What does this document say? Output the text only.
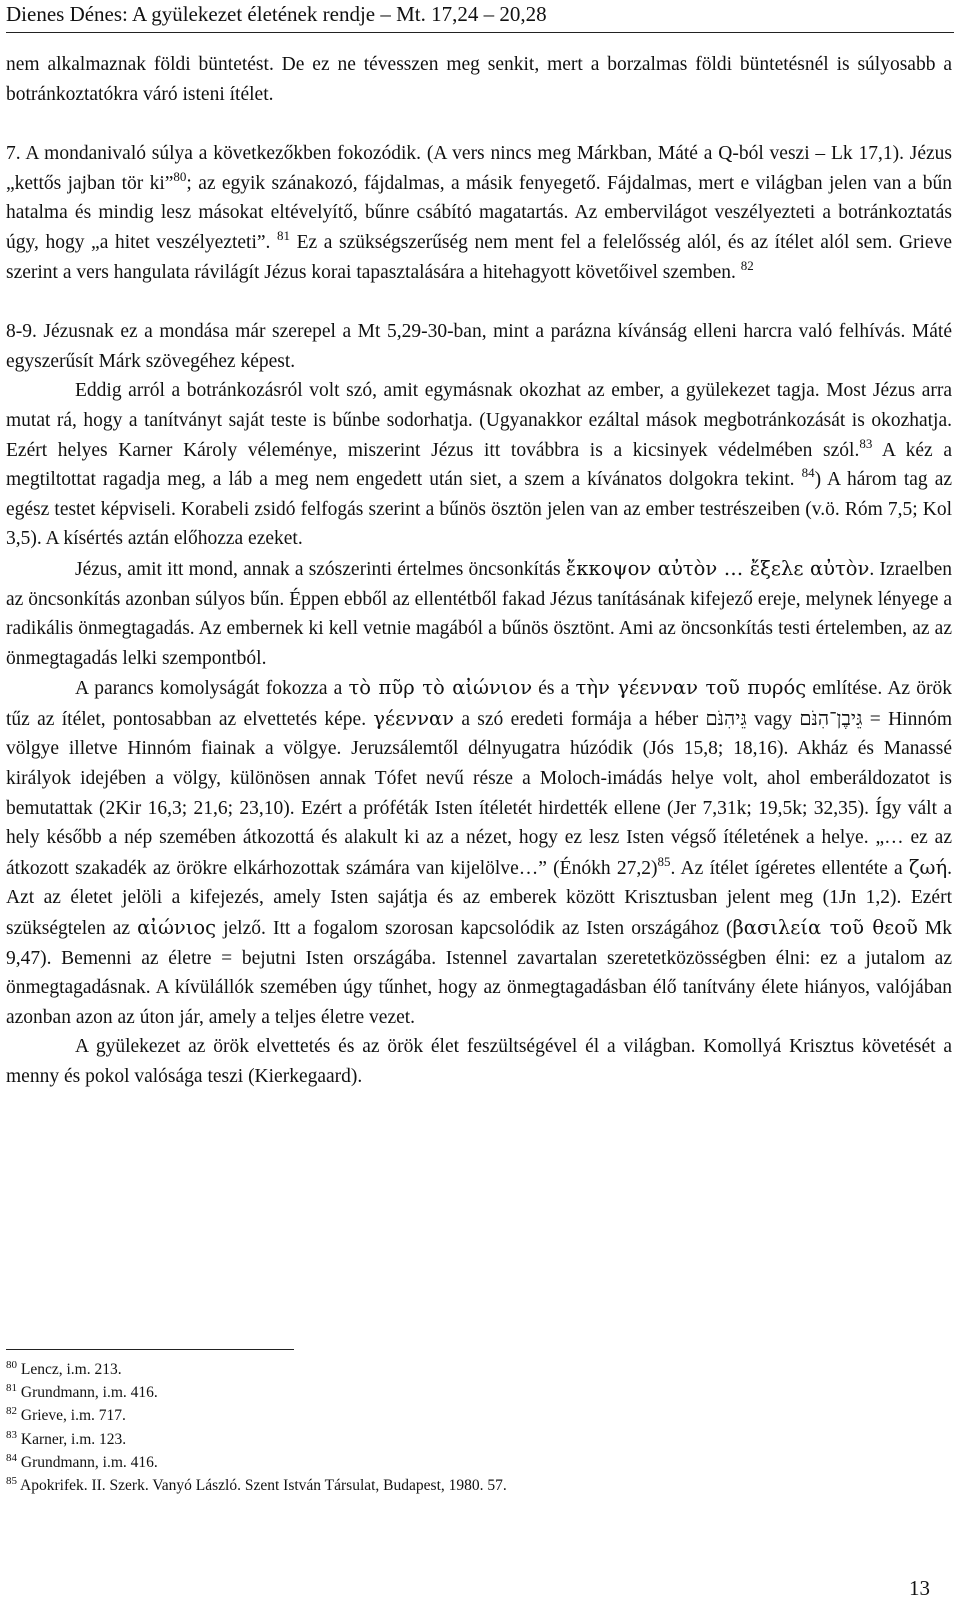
Dienes Dénes: A gyülekezet életének rendje – Mt. 17,24 – 20,28

nem alkalmaznak földi büntetést. De ez ne tévesszen meg senkit, mert a borzalmas földi büntetésnél is súlyosabb a botránkoztatókra váró isteni ítélet.

7. A mondanivaló súlya a következőkben fokozódik. (A vers nincs meg Márkban, Máté a Q-ból veszi – Lk 17,1). Jézus „kettős jajban tör ki”$^{80}$; az egyik szánakozó, fájdalmas, a másik fenyegető. Fájdalmas, mert e világban jelen van a bűn hatalma és mindig lesz másokat eltévelyítő, bűnre csábító magatartás. Az embervilágot veszélyezteti a botránkoztatás úgy, hogy „a hitet veszélyezteti”. $^{81}$ Ez a szükségszerűség nem ment fel a felelősség alól, és az ítélet alól sem. Grieve szerint a vers hangulata rávilágít Jézus korai tapasztalására a hitehagyott követőivel szemben. $^{82}$

8-9. Jézusnak ez a mondása már szerepel a Mt 5,29-30-ban, mint a parázna kívánság elleni harcra való felhívás. Máté egyszerűsít Márk szövegéhez képest.

Eddig arról a botránkozásról volt szó, amit egymásnak okozhat az ember, a gyülekezet tagja. Most Jézus arra mutat rá, hogy a tanítványt saját teste is bűnbe sodorhatja. (Ugyanakkor ezáltal mások megbotránkozását is okozhatja. Ezért helyes Karner Károly véleménye, miszerint Jézus itt továbbra is a kicsinyek védelmében szól.$^{83}$ A kéz a megtiltottat ragadja meg, a láb a meg nem engedett után siet, a szem a kívánatos dolgokra tekint. $^{84}$) A három tag az egész testet képviseli. Korabeli zsidó felfogás szerint a bűnös ösztön jelen van az ember testrészeiben (v.ö. Róm 7,5; Kol 3,5). A kísértés aztán előhozza ezeket.

Jézus, amit itt mond, annak a szószerinti értelmes öncsonkítás ἔκκοψον αὐτὸν … ἔξελε αὐτὸν. Izraelben az öncsonkítás azonban súlyos bűn. Éppen ebből az ellentétből fakad Jézus tanításának kifejező ereje, melynek lényege a radikális önmegtagadás. Az embernek ki kell vetnie magából a bűnös ösztönt. Ami az öncsonkítás testi értelemben, az az önmegtagadás lelki szempontból.

A parancs komolyságát fokozza a τὸ πῦρ τὸ αἰώνιον és a τὴν γέενναν τοῦ πυρός említése. Az örök tűz az ítélet, pontosabban az elvettetés képe. γέενναν a szó eredeti formája a héber גֵּיהִנֹּם vagy גֵּיבֶן־הִנֹּם = Hinnóm völgye illetve Hinnóm fiainak a völgye. Jeruzsálemtől délnyugatra húzódik (Jós 15,8; 18,16). Akház és Manassé királyok idejében a völgy, különösen annak Tófet nevű része a Moloch-imádás helye volt, ahol emberáldozatot is bemutattak (2Kir 16,3; 21,6; 23,10). Ezért a próféták Isten ítéletét hirdették ellene (Jer 7,31k; 19,5k; 32,35). Így vált a hely később a nép szemében átkozottá és alakult ki az a nézet, hogy ez lesz Isten végső ítéletének a helye. „… ez az átkozott szakadék az örökre elkárhozottak számára van kijelölve…” (Énókh 27,2)$^{85}$. Az ítélet ígéretes ellentéte a ζωή. Azt az életet jelöli a kifejezés, amely Isten sajátja és az emberek között Krisztusban jelent meg (1Jn 1,2). Ezért szükségtelen az αἰώνιος jelző. Itt a fogalom szorosan kapcsolódik az Isten országához (βασιλεία τοῦ θεοῦ Mk 9,47). Bemenni az életre = bejutni Isten országába. Istennel zavartalan szeretetközösségben élni: ez a jutalom az önmegtagadásnak. A kívülállók szemében úgy tűnhet, hogy az önmegtagadásban élő tanítvány élete hiányos, valójában azonban azon az úton jár, amely a teljes életre vezet.

A gyülekezet az örök elvettetés és az örök élet feszültségével él a világban. Komollyá Krisztus követését a menny és pokol valósága teszi (Kierkegaard).

$^{80}$ Lencz, i.m. 213.
$^{81}$ Grundmann, i.m. 416.
$^{82}$ Grieve, i.m. 717.
$^{83}$ Karner, i.m. 123.
$^{84}$ Grundmann, i.m. 416.
$^{85}$ Apokrifek. II. Szerk. Vanyó László. Szent István Társulat, Budapest, 1980. 57.
13
